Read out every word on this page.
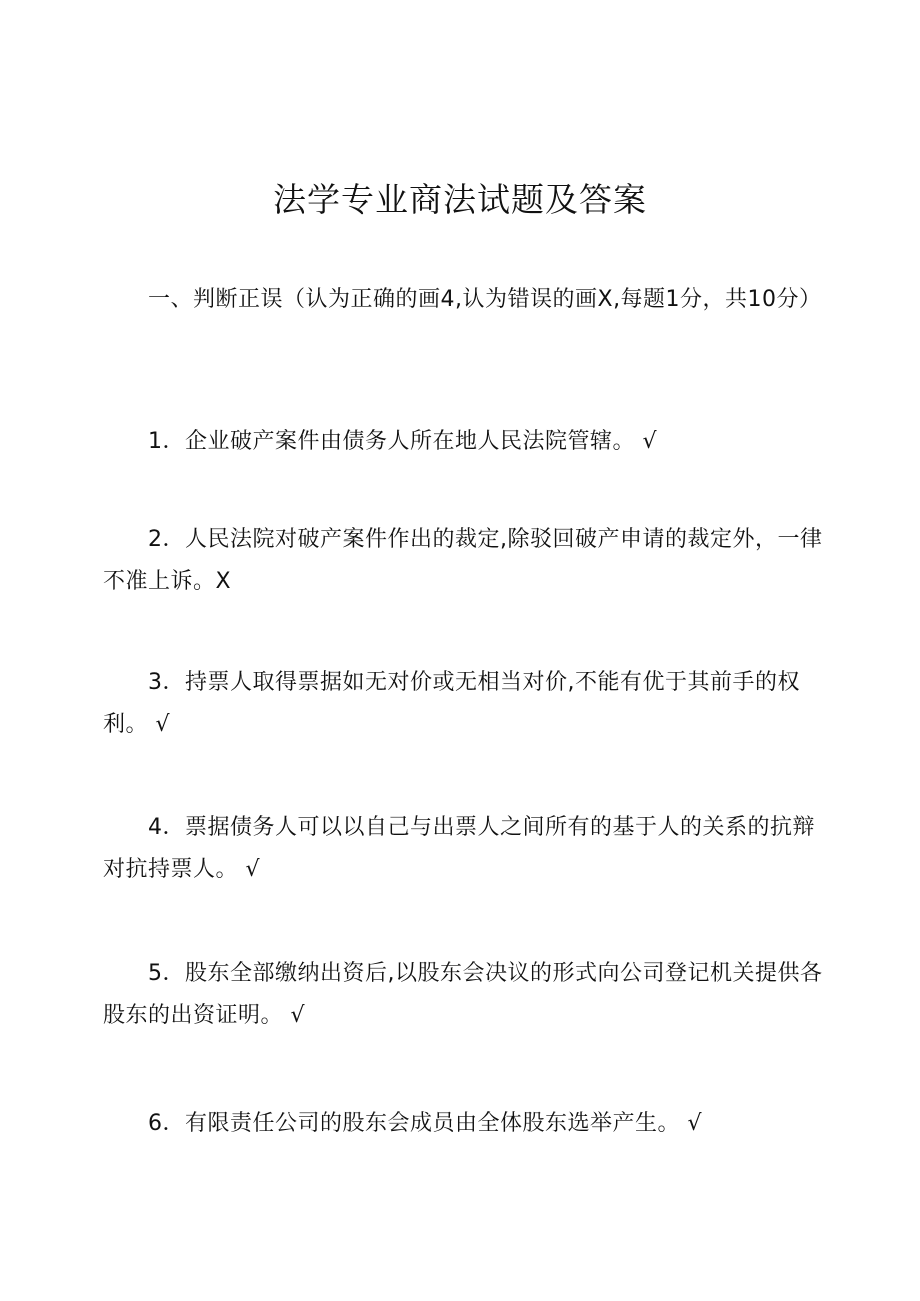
法学专业商法试题及答案

一、判断正误（认为正确的画4,认为错误的画X,每题1分，共10分）

1．企业破产案件由债务人所在地人民法院管辖。 √

2．人民法院对破产案件作出的裁定,除驳回破产申请的裁定外，一律不准上诉。X

3．持票人取得票据如无对价或无相当对价,不能有优于其前手的权利。 √

4．票据债务人可以以自己与出票人之间所有的基于人的关系的抗辩对抗持票人。 √

5．股东全部缴纳出资后,以股东会决议的形式向公司登记机关提供各股东的出资证明。 √

6．有限责任公司的股东会成员由全体股东选举产生。 √
